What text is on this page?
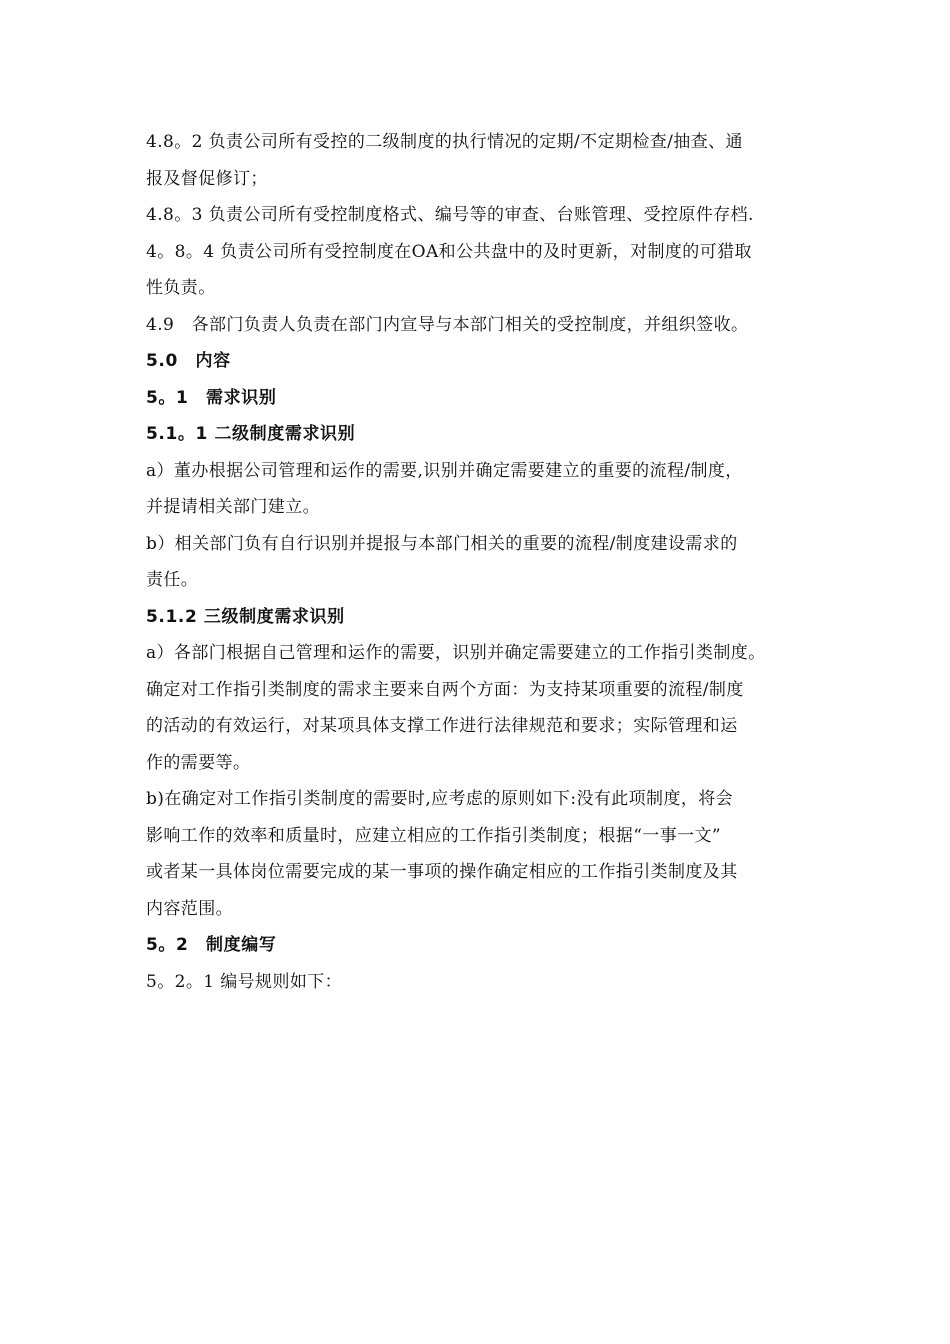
4.8。2 负责公司所有受控的二级制度的执行情况的定期/不定期检查/抽查、通
报及督促修订；
4.8。3 负责公司所有受控制度格式、编号等的审查、台账管理、受控原件存档.
4。8。4 负责公司所有受控制度在OA和公共盘中的及时更新，对制度的可猎取
性负责。
4.9　各部门负责人负责在部门内宣导与本部门相关的受控制度，并组织签收。
5.0　内容
5。1　需求识别
5.1。1 二级制度需求识别
a）董办根据公司管理和运作的需要,识别并确定需要建立的重要的流程/制度，
并提请相关部门建立。
b）相关部门负有自行识别并提报与本部门相关的重要的流程/制度建设需求的
责任。
5.1.2 三级制度需求识别
a）各部门根据自己管理和运作的需要，识别并确定需要建立的工作指引类制度。
确定对工作指引类制度的需求主要来自两个方面：为支持某项重要的流程/制度
的活动的有效运行，对某项具体支撑工作进行法律规范和要求；实际管理和运
作的需要等。
b)在确定对工作指引类制度的需要时,应考虑的原则如下:没有此项制度，将会
影响工作的效率和质量时，应建立相应的工作指引类制度；根据“一事一文”
或者某一具体岗位需要完成的某一事项的操作确定相应的工作指引类制度及其
内容范围。
5。2　制度编写
5。2。1 编号规则如下：
